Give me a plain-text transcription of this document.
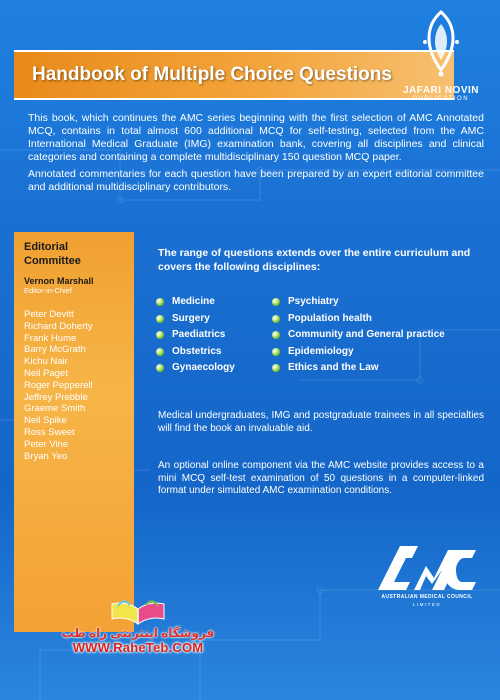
Handbook of Multiple Choice Questions
JAFARI NOVIN
PUBLICATION

This book, which continues the AMC series beginning with the first selection of AMC Annotated MCQ, contains in total almost 600 additional MCQ for self-testing, selected from the AMC International Medical Graduate (IMG) examination bank, covering all disciplines and clinical categories and containing a complete multidisciplinary 150 question MCQ paper.

Annotated commentaries for each question have been prepared by an expert editorial committee and additional multidisciplinary contributors.

Editorial
Committee
Vernon Marshall
Editor-in-Chief
Peter Devitt
Richard Doherty
Frank Hume
Barry McGrath
Kichu Nair
Neil Paget
Roger Pepperell
Jeffrey Prebble
Graeme Smith
Neil Spike
Ross Sweet
Peter Vine
Bryan Yeo
The range of questions extends over the entire curriculum and covers the following disciplines:
Medicine
Surgery
Paediatrics
Obstetrics
Gynaecology
Psychiatry
Population health
Community and General practice
Epidemiology
Ethics and the Law

Medical undergraduates, IMG and postgraduate trainees in all specialties will find the book an invaluable aid.

An optional online component via the AMC website provides access to a mini MCQ self-test examination of 50 questions in a computer-linked format under simulated AMC examination conditions.

AUSTRALIAN MEDICAL COUNCIL
LIMITED
فروشگاه اینترنتی راه طب
WWW.RaheTeb.COM
